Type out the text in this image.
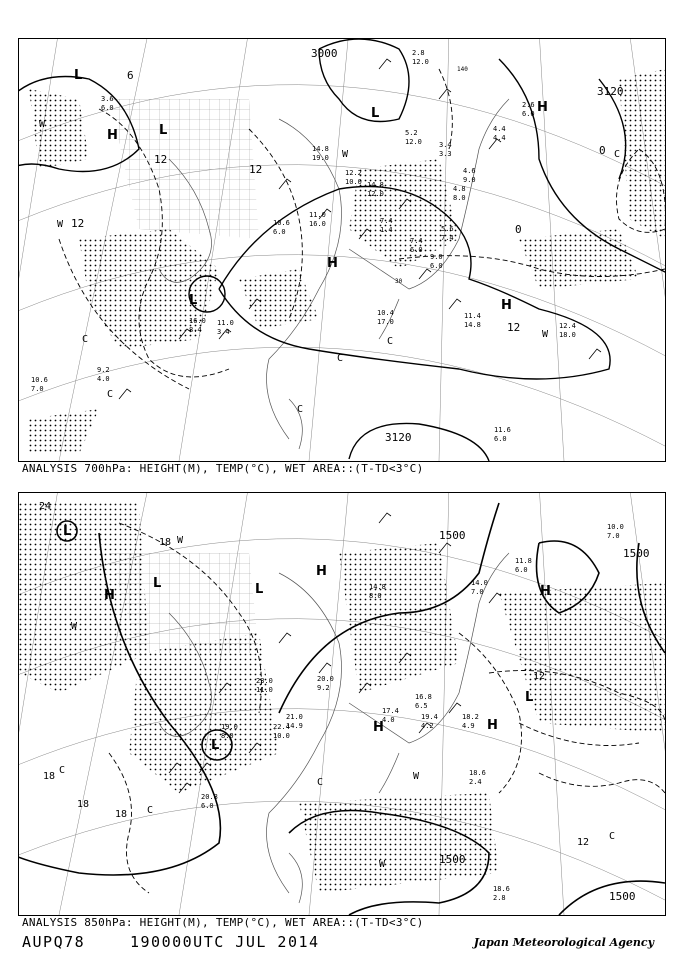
L
L
L
L
H
H
H
H
W
W
W
W
C
C
C
C
C
C
3000
3120
3120
12
12
12
12
6
0
0
2.8
12.0
3.6
6.0	2.6
6.0
5.2
12.0 3.4
3.3
4.4
4.4
14.8
19.0
12.2
10.0 14.8
12.0
4.6
9.0
4.8
8.0
10.6
6.0
11.0
16.0	7.4
1.4
7.4
6.0
5.6
7.4
9.0
6.0
10.4
17.0
11.4
14.8	12.4
18.0
11.6
6.0
9.2
4.0
10.6
7.0
11.0
3.4
16.0
8.4
140
30
ANALYSIS 700hPa: HEIGHT(M), TEMP(°C), WET AREA::(T-TD<3°C)
L
L	L
L
L
H
H
H	H
H
W
W
W
W
C
C
C
C
24
18
18
18
18
12
12
1500
1500
1500
1500
10.0
7.0
11.8
6.0
14.0
7.0
14.8
8.0
18.6
2.4
18.6
2.8
20.0
9.2
21.0
14.9
17.4
4.0
16.8
6.5
19.4
4.2
18.2
4.9
23.0
11.0
22.4
10.0
20.8
6.0
19.0
8.0
ANALYSIS 850hPa: HEIGHT(M), TEMP(°C), WET AREA::(T-TD<3°C)
AUPQ78	190000UTC JUL 2014	Japan Meteorological Agency
